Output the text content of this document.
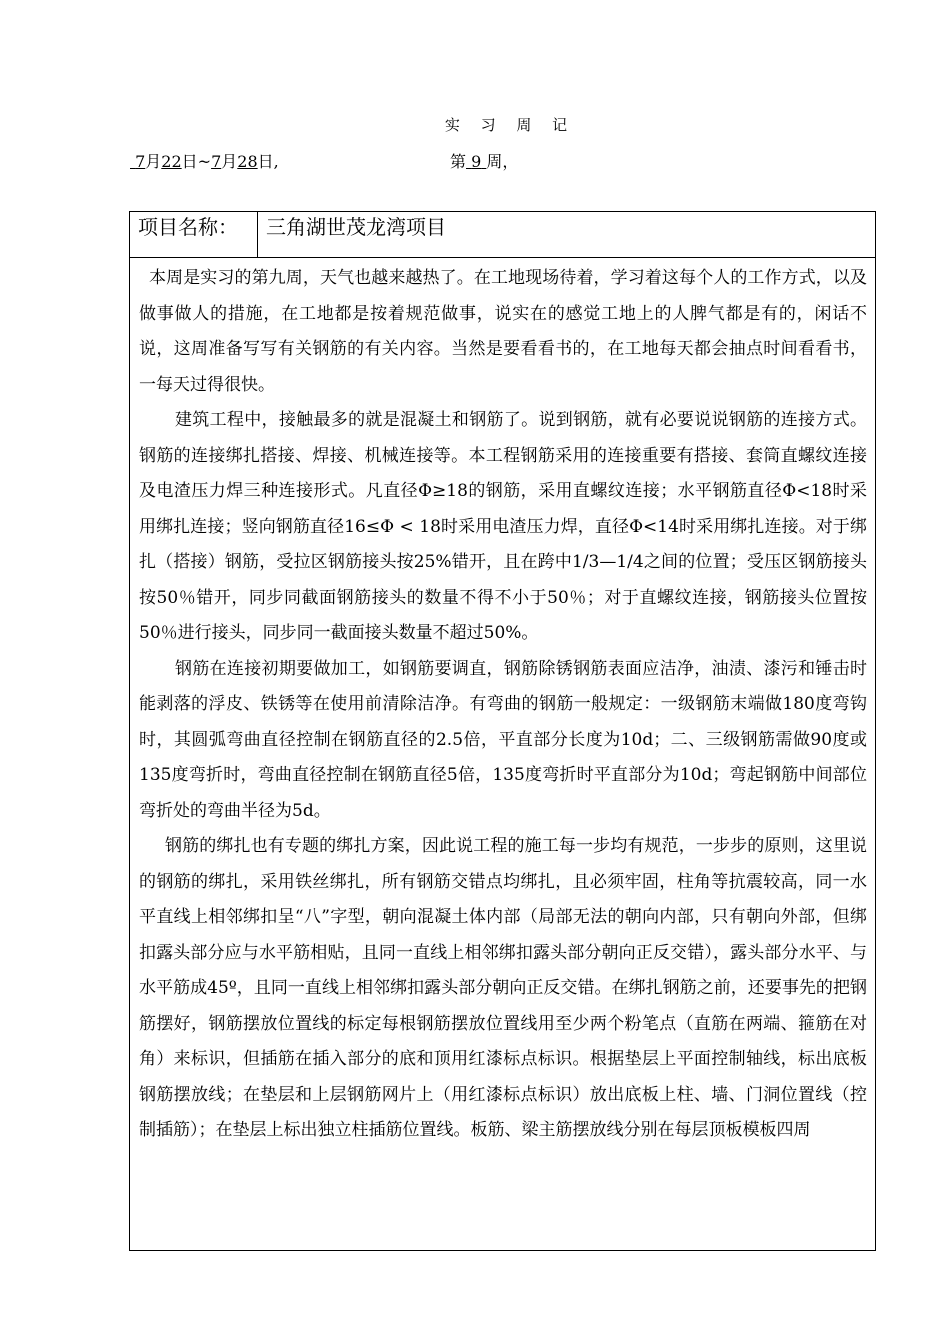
实 习 周 记
7月22日~7月28日,	第 9 周，
项目名称：	三角湖世茂龙湾项目

本周是实习的第九周，天气也越来越热了。在工地现场待着，学习着这每个人的工作方式，以及做事做人的措施，在工地都是按着规范做事，说实在的感觉工地上的人脾气都是有的，闲话不说，这周准备写写有关钢筋的有关内容。当然是要看看书的，在工地每天都会抽点时间看看书，一每天过得很快。

建筑工程中，接触最多的就是混凝土和钢筋了。说到钢筋，就有必要说说钢筋的连接方式。钢筋的连接绑扎搭接、焊接、机械连接等。本工程钢筋采用的连接重要有搭接、套筒直螺纹连接及电渣压力焊三种连接形式。凡直径Φ≥18的钢筋，采用直螺纹连接；水平钢筋直径Φ<18时采用绑扎连接；竖向钢筋直径16≤Φ < 18时采用电渣压力焊，直径Φ<14时采用绑扎连接。对于绑扎（搭接）钢筋，受拉区钢筋接头按25%错开，且在跨中1/3—1/4之间的位置；受压区钢筋接头按50％错开，同步同截面钢筋接头的数量不得不小于50％；对于直螺纹连接，钢筋接头位置按50％进行接头，同步同一截面接头数量不超过50%。

钢筋在连接初期要做加工，如钢筋要调直，钢筋除锈钢筋表面应洁净，油渍、漆污和锤击时能剥落的浮皮、铁锈等在使用前清除洁净。有弯曲的钢筋一般规定：一级钢筋末端做180度弯钩时，其圆弧弯曲直径控制在钢筋直径的2.5倍，平直部分长度为10d；二、三级钢筋需做90度或135度弯折时，弯曲直径控制在钢筋直径5倍，135度弯折时平直部分为10d；弯起钢筋中间部位弯折处的弯曲半径为5d。

钢筋的绑扎也有专题的绑扎方案，因此说工程的施工每一步均有规范，一步步的原则，这里说的钢筋的绑扎，采用铁丝绑扎，所有钢筋交错点均绑扎，且必须牢固，柱角等抗震较高，同一水平直线上相邻绑扣呈“八”字型，朝向混凝土体内部（局部无法的朝向内部，只有朝向外部，但绑扣露头部分应与水平筋相贴，且同一直线上相邻绑扣露头部分朝向正反交错），露头部分水平、与水平筋成45º，且同一直线上相邻绑扣露头部分朝向正反交错。在绑扎钢筋之前，还要事先的把钢筋摆好，钢筋摆放位置线的标定每根钢筋摆放位置线用至少两个粉笔点（直筋在两端、箍筋在对角）来标识，但插筋在插入部分的底和顶用红漆标点标识。根据垫层上平面控制轴线，标出底板钢筋摆放线；在垫层和上层钢筋网片上（用红漆标点标识）放出底板上柱、墙、门洞位置线（控制插筋）；在垫层上标出独立柱插筋位置线。板筋、梁主筋摆放线分别在每层顶板模板四周
